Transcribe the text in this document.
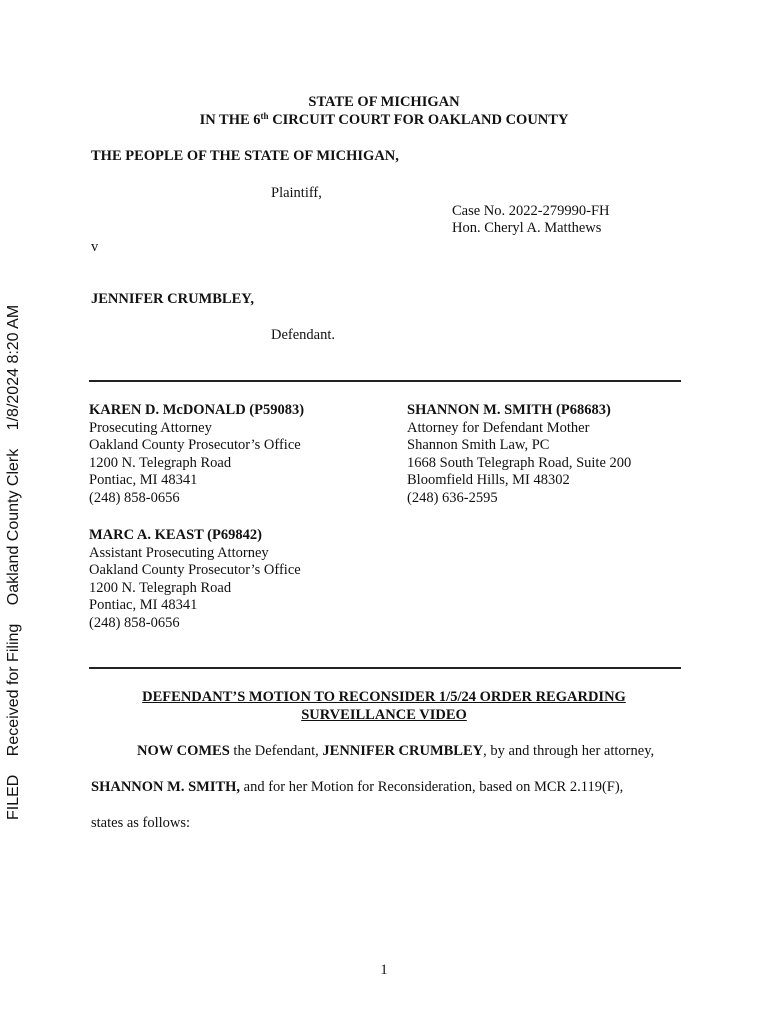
FILED Received for Filing Oakland County Clerk 1/8/2024 8:20 AM
STATE OF MICHIGAN
IN THE 6th CIRCUIT COURT FOR OAKLAND COUNTY
THE PEOPLE OF THE STATE OF MICHIGAN,
Plaintiff,
Case No. 2022-279990-FH
Hon. Cheryl A. Matthews
v
JENNIFER CRUMBLEY,
Defendant.
KAREN D. McDONALD (P59083)
Prosecuting Attorney
Oakland County Prosecutor’s Office
1200 N. Telegraph Road
Pontiac, MI 48341
(248) 858-0656
SHANNON M. SMITH (P68683)
Attorney for Defendant Mother
Shannon Smith Law, PC
1668 South Telegraph Road, Suite 200
Bloomfield Hills, MI 48302
(248) 636-2595
MARC A. KEAST (P69842)
Assistant Prosecuting Attorney
Oakland County Prosecutor’s Office
1200 N. Telegraph Road
Pontiac, MI 48341
(248) 858-0656
DEFENDANT’S MOTION TO RECONSIDER 1/5/24 ORDER REGARDING
SURVEILLANCE VIDEO
NOW COMES the Defendant, JENNIFER CRUMBLEY, by and through her attorney,
SHANNON M. SMITH, and for her Motion for Reconsideration, based on MCR 2.119(F),
states as follows:
1
